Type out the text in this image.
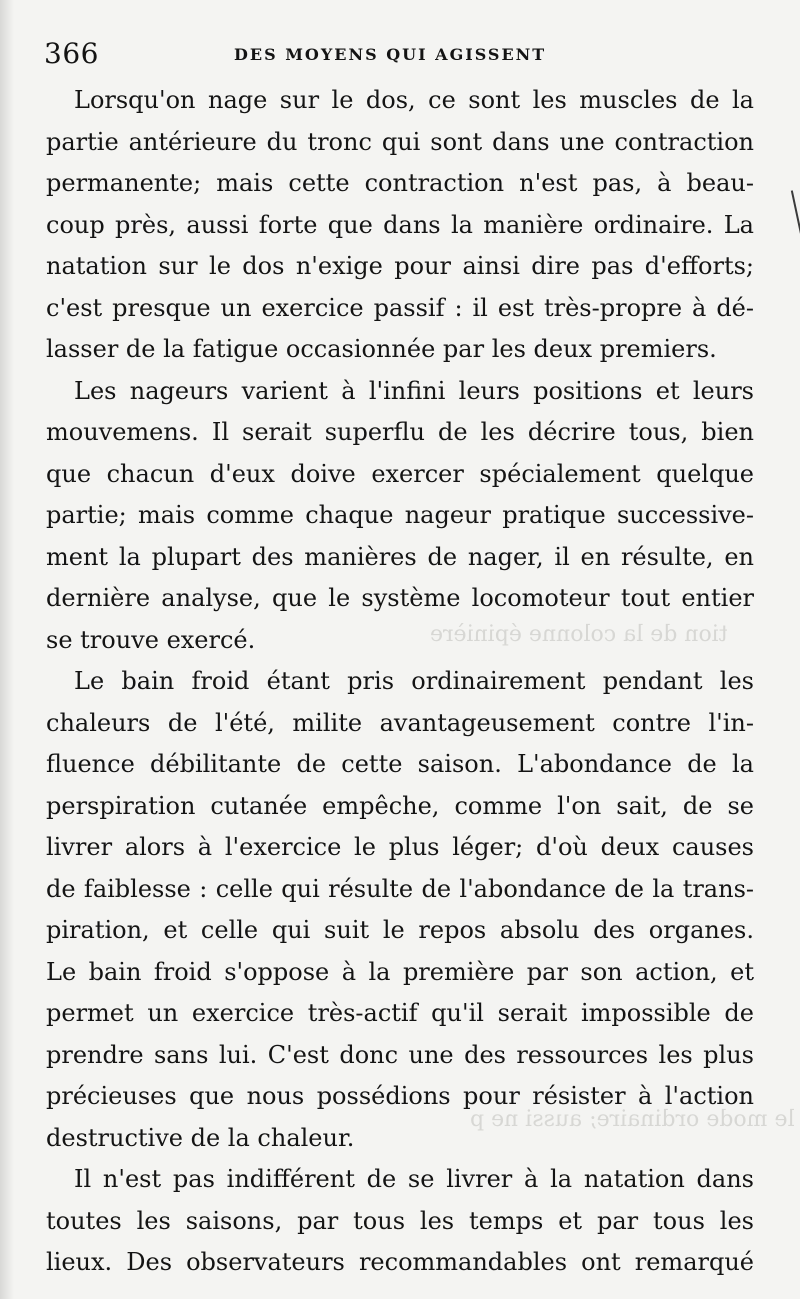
tion de la colonne épinière
le mode ordinaire; aussi ne p
366	DES MOYENS QUI AGISSENT
Lorsqu'on nage sur le dos, ce sont les muscles de la
partie antérieure du tronc qui sont dans une contraction
permanente; mais cette contraction n'est pas, à beau-
coup près, aussi forte que dans la manière ordinaire. La
natation sur le dos n'exige pour ainsi dire pas d'efforts;
c'est presque un exercice passif : il est très-propre à dé-
lasser de la fatigue occasionnée par les deux premiers.
Les nageurs varient à l'infini leurs positions et leurs
mouvemens. Il serait superflu de les décrire tous, bien
que chacun d'eux doive exercer spécialement quelque
partie; mais comme chaque nageur pratique successive-
ment la plupart des manières de nager, il en résulte, en
dernière analyse, que le système locomoteur tout entier
se trouve exercé.
Le bain froid étant pris ordinairement pendant les
chaleurs de l'été, milite avantageusement contre l'in-
fluence débilitante de cette saison. L'abondance de la
perspiration cutanée empêche, comme l'on sait, de se
livrer alors à l'exercice le plus léger; d'où deux causes
de faiblesse : celle qui résulte de l'abondance de la trans-
piration, et celle qui suit le repos absolu des organes.
Le bain froid s'oppose à la première par son action, et
permet un exercice très-actif qu'il serait impossible de
prendre sans lui. C'est donc une des ressources les plus
précieuses que nous possédions pour résister à l'action
destructive de la chaleur.
Il n'est pas indifférent de se livrer à la natation dans
toutes les saisons, par tous les temps et par tous les
lieux. Des observateurs recommandables ont remarqué
